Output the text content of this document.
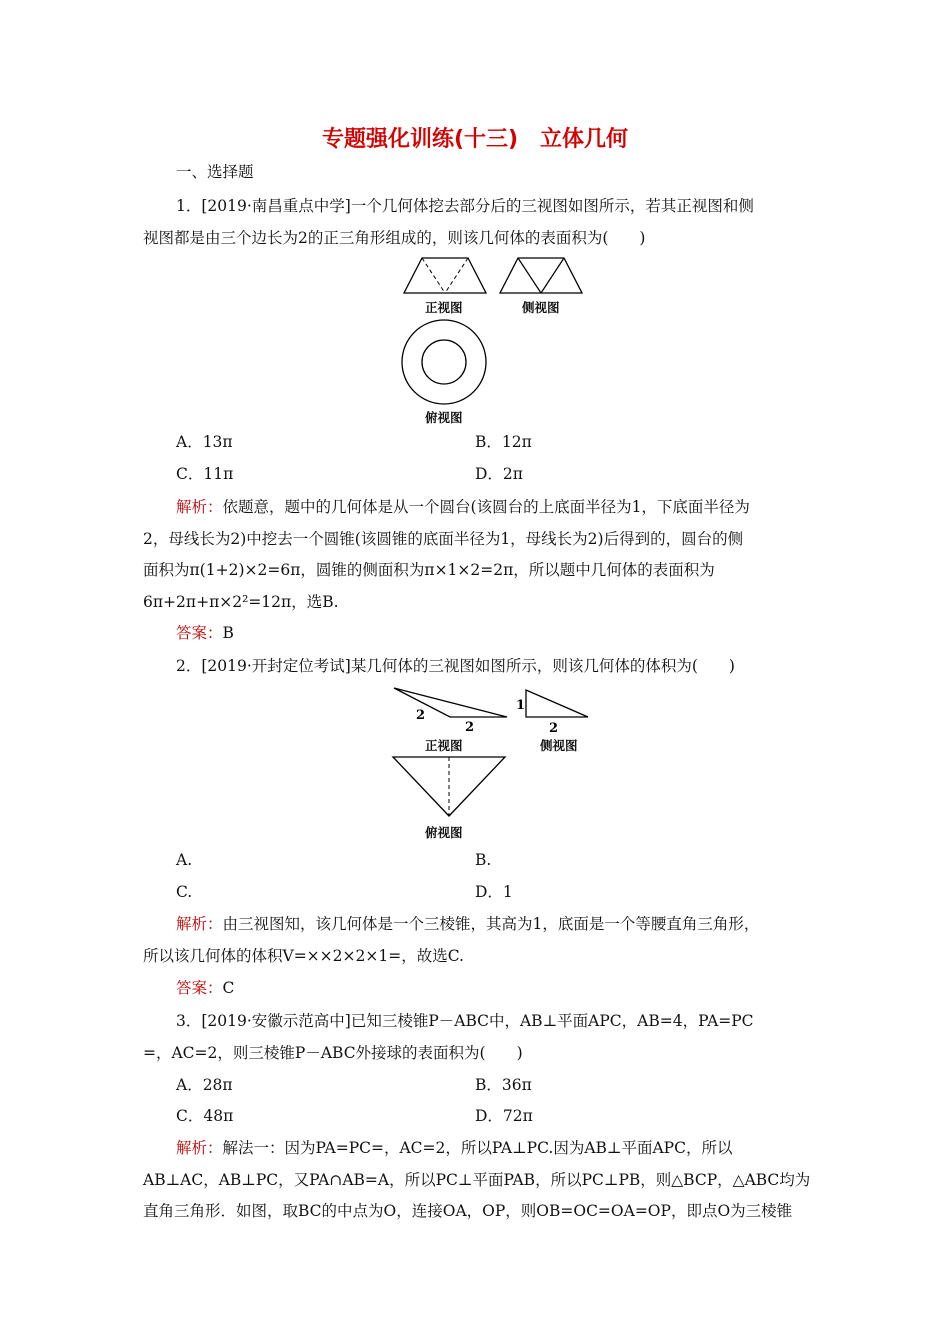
专题强化训练(十三)　立体几何
一、选择题
1．[2019·南昌重点中学]一个几何体挖去部分后的三视图如图所示，若其正视图和侧
视图都是由三个边长为2的正三角形组成的，则该几何体的表面积为(　　)
正视图	侧视图
俯视图
A．13π	B．12π
C．11π	D．2π
解析：依题意，题中的几何体是从一个圆台(该圆台的上底面半径为1，下底面半径为
2，母线长为2)中挖去一个圆锥(该圆锥的底面半径为1，母线长为2)后得到的，圆台的侧
面积为π(1+2)×2=6π，圆锥的侧面积为π×1×2=2π，所以题中几何体的表面积为
6π+2π+π×2²=12π，选B.
答案：B
2．[2019·开封定位考试]某几何体的三视图如图所示，则该几何体的体积为(　　)
2
2
正视图
1
2
侧视图
俯视图
A.	B.
C.	D．1
解析：由三视图知，该几何体是一个三棱锥，其高为1，底面是一个等腰直角三角形，
所以该几何体的体积V=××2×2×1=，故选C.
答案：C
3．[2019·安徽示范高中]已知三棱锥P－ABC中，AB⊥平面APC，AB=4，PA=PC
=，AC=2，则三棱锥P－ABC外接球的表面积为(　　)
A．28π	B．36π
C．48π	D．72π
解析：解法一：因为PA=PC=，AC=2，所以PA⊥PC.因为AB⊥平面APC，所以
AB⊥AC，AB⊥PC，又PA∩AB=A，所以PC⊥平面PAB，所以PC⊥PB，则△BCP，△ABC均为
直角三角形．如图，取BC的中点为O，连接OA，OP，则OB=OC=OA=OP，即点O为三棱锥
